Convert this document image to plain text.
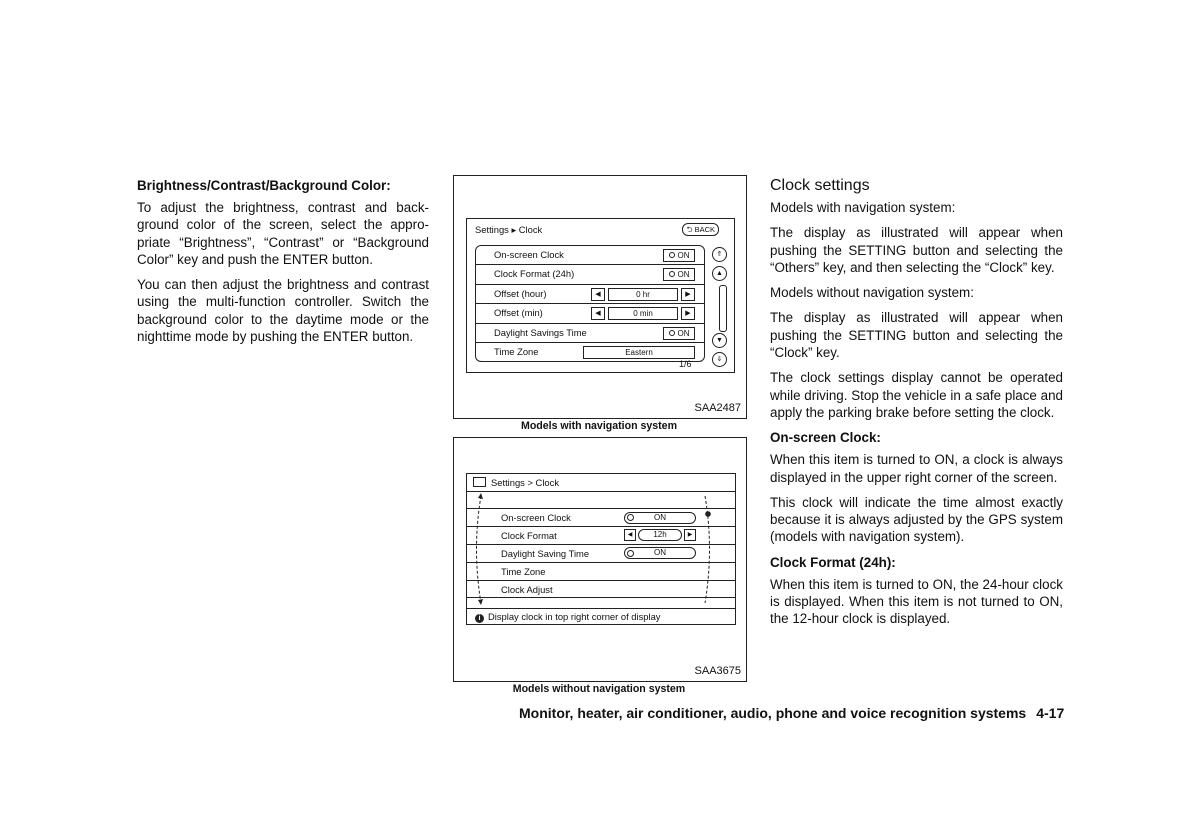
Brightness/Contrast/Background Color:

To adjust the brightness, contrast and back-ground color of the screen, select the appro-priate “Brightness”, “Contrast” or “Background Color” key and push the ENTER button.

You can then adjust the brightness and contrast using the multi-function controller. Switch the background color to the daytime mode or the nighttime mode by pushing the ENTER button.

Settings ▸ Clock	⮌ BACK
On-screen Clock	ON
Clock Format (24h)	ON
Offset (hour)	◀	0 hr	▶
Offset (min)	◀	0 min	▶
Daylight Savings Time	ON
Time Zone	Eastern
1/6
⇑
▲
▼
⇓
SAA2487
Models with navigation system
Settings > Clock
On-screen Clock	ON
Clock Format	◀	12h	▶
Daylight Saving Time	ON
Time Zone
Clock Adjust
i Display clock in top right corner of display
SAA3675
Models without navigation system
Clock settings

Models with navigation system:

The display as illustrated will appear when pushing the SETTING button and selecting the “Others” key, and then selecting the “Clock” key.

Models without navigation system:

The display as illustrated will appear when pushing the SETTING button and selecting the “Clock” key.

The clock settings display cannot be operated while driving. Stop the vehicle in a safe place and apply the parking brake before setting the clock.

On-screen Clock:

When this item is turned to ON, a clock is always displayed in the upper right corner of the screen.

This clock will indicate the time almost exactly because it is always adjusted by the GPS system (models with navigation system).

Clock Format (24h):

When this item is turned to ON, the 24-hour clock is displayed. When this item is not turned to ON, the 12-hour clock is displayed.

Monitor, heater, air conditioner, audio, phone and voice recognition systems 4-17
